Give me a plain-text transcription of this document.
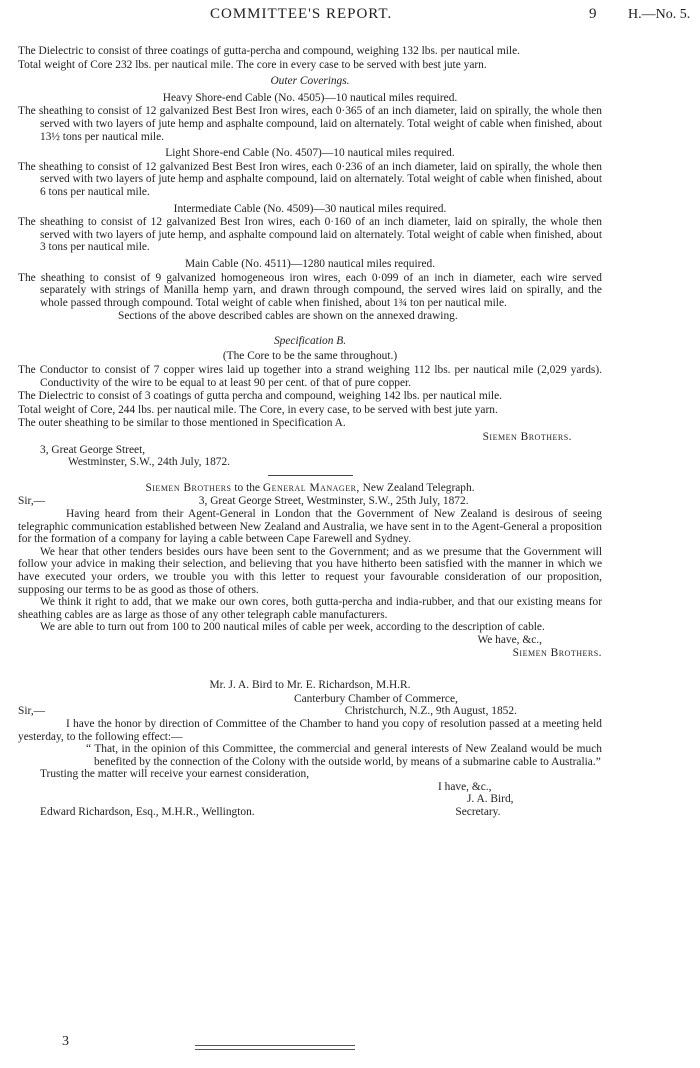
COMMITTEE'S REPORT.	9 H.—No. 5.

The Dielectric to consist of three coatings of gutta-percha and compound, weighing 132 lbs. per nautical mile.

Total weight of Core 232 lbs. per nautical mile. The core in every case to be served with best jute yarn.

Outer Coverings.

Heavy Shore-end Cable (No. 4505)—10 nautical miles required.

The sheathing to consist of 12 galvanized Best Best Iron wires, each 0·365 of an inch diameter, laid on spirally, the whole then served with two layers of jute hemp and asphalte compound, laid on alternately. Total weight of cable when finished, about 13½ tons per nautical mile.

Light Shore-end Cable (No. 4507)—10 nautical miles required.

The sheathing to consist of 12 galvanized Best Best Iron wires, each 0·236 of an inch diameter, laid on spirally, the whole then served with two layers of jute hemp and asphalte compound, laid on alternately. Total weight of cable when finished, about 6 tons per nautical mile.

Intermediate Cable (No. 4509)—30 nautical miles required.

The sheathing to consist of 12 galvanized Best Iron wires, each 0·160 of an inch diameter, laid on spirally, the whole then served with two layers of jute hemp, and asphalte compound laid on alternately. Total weight of cable when finished, about 3 tons per nautical mile.

Main Cable (No. 4511)—1280 nautical miles required.

The sheathing to consist of 9 galvanized homogeneous iron wires, each 0·099 of an inch in diameter, each wire served separately with strings of Manilla hemp yarn, and drawn through compound, the served wires laid on spirally, and the whole passed through compound. Total weight of cable when finished, about 1¾ ton per nautical mile.

Sections of the above described cables are shown on the annexed drawing.

Specification B.

(The Core to be the same throughout.)

The Conductor to consist of 7 copper wires laid up together into a strand weighing 112 lbs. per nautical mile (2,029 yards). Conductivity of the wire to be equal to at least 90 per cent. of that of pure copper.

The Dielectric to consist of 3 coatings of gutta percha and compound, weighing 142 lbs. per nautical mile.

Total weight of Core, 244 lbs. per nautical mile. The Core, in every case, to be served with best jute yarn.

The outer sheathing to be similar to those mentioned in Specification A.

Siemen Brothers.

3, Great George Street,

Westminster, S.W., 24th July, 1872.

Siemen Brothers to the General Manager, New Zealand Telegraph.

Sir,—	3, Great George Street, Westminster, S.W., 25th July, 1872.

Having heard from their Agent-General in London that the Government of New Zealand is desirous of seeing telegraphic communication established between New Zealand and Australia, we have sent in to the Agent-General a proposition for the formation of a company for laying a cable between Cape Farewell and Sydney.

We hear that other tenders besides ours have been sent to the Government; and as we presume that the Government will follow your advice in making their selection, and believing that you have hitherto been satisfied with the manner in which we have executed your orders, we trouble you with this letter to request your favourable consideration of our proposition, supposing our terms to be as good as those of others.

We think it right to add, that we make our own cores, both gutta-percha and india-rubber, and that our existing means for sheathing cables are as large as those of any other telegraph cable manufacturers.

We are able to turn out from 100 to 200 nautical miles of cable per week, according to the description of cable.

We have, &c.,

Siemen Brothers.

Mr. J. A. Bird to Mr. E. Richardson, M.H.R.

Canterbury Chamber of Commerce,

Sir,—	Christchurch, N.Z., 9th August, 1852.

I have the honor by direction of Committee of the Chamber to hand you copy of resolution passed at a meeting held yesterday, to the following effect:—

“ That, in the opinion of this Committee, the commercial and general interests of New Zealand would be much benefited by the connection of the Colony with the outside world, by means of a submarine cable to Australia.”

Trusting the matter will receive your earnest consideration,

I have, &c.,

J. A. Bird,

Edward Richardson, Esq., M.H.R., Wellington.	Secretary.

3
